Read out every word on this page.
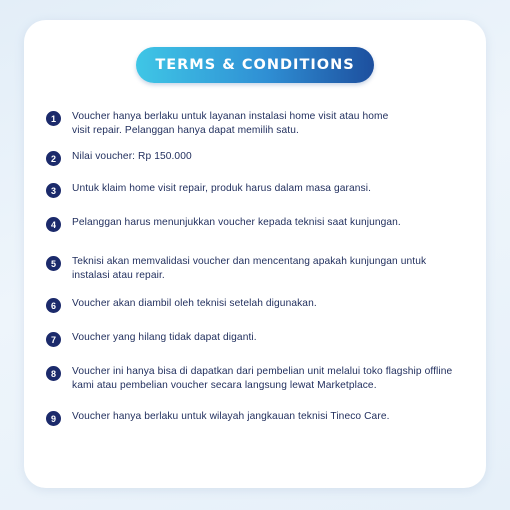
TERMS & CONDITIONS
1	Voucher hanya berlaku untuk layanan instalasi home visit atau home visit repair. Pelanggan hanya dapat memilih satu.
2	Nilai voucher: Rp 150.000
3	Untuk klaim home visit repair, produk harus dalam masa garansi.
4	Pelanggan harus menunjukkan voucher kepada teknisi saat kunjungan.
5	Teknisi akan memvalidasi voucher dan mencentang apakah kunjungan untuk instalasi atau repair.
6	Voucher akan diambil oleh teknisi setelah digunakan.
7	Voucher yang hilang tidak dapat diganti.
8	Voucher ini hanya bisa di dapatkan dari pembelian unit melalui toko flagship offline kami atau pembelian voucher secara langsung lewat Marketplace.
9	Voucher hanya berlaku untuk wilayah jangkauan teknisi Tineco Care.
